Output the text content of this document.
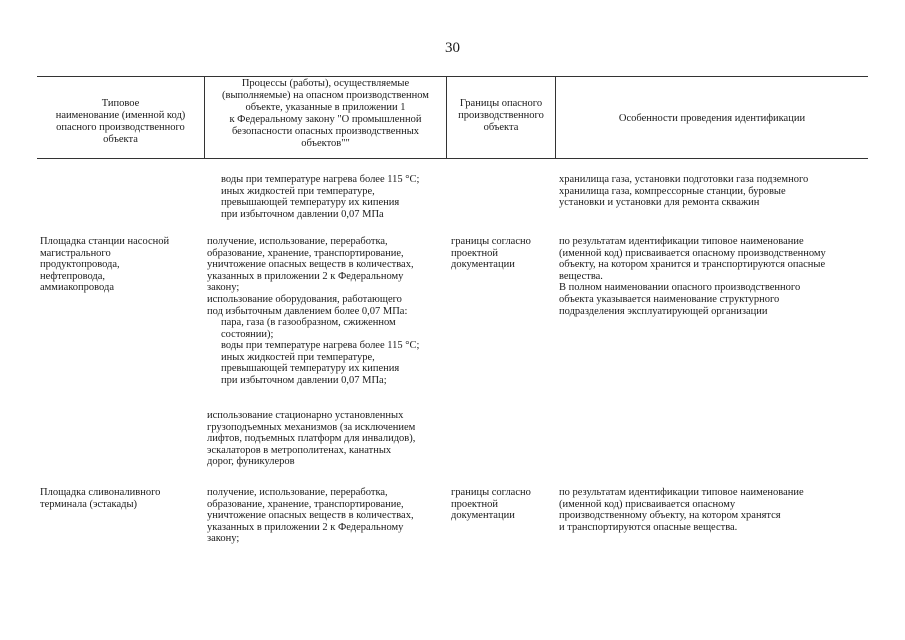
30
Типовое
наименование (именной код)
опасного производственного
объекта
Процессы (работы), осуществляемые
(выполняемые) на опасном производственном
объекте, указанные в приложении 1
к Федеральному закону "О промышленной
безопасности опасных производственных
объектов""
Границы опасного
производственного
объекта
Особенности проведения идентификации
воды при температуре нагрева более 115 °С;
иных жидкостей при температуре,
превышающей температуру их кипения
при избыточном давлении 0,07 МПа
хранилища газа, установки подготовки газа подземного
хранилища газа, компрессорные станции, буровые
установки и установки для ремонта скважин
Площадка станции насосной
магистрального
продуктопровода,
нефтепровода,
аммиакопровода
получение, использование, переработка,
образование, хранение, транспортирование,
уничтожение опасных веществ в количествах,
указанных в приложении 2 к Федеральному
закону;
использование оборудования, работающего
под избыточным давлением более 0,07 МПа:
пара, газа (в газообразном, сжиженном
состоянии);
воды при температуре нагрева более 115 °С;
иных жидкостей при температуре,
превышающей температуру их кипения
при избыточном давлении 0,07 МПа;
использование стационарно установленных
грузоподъемных механизмов (за исключением
лифтов, подъемных платформ для инвалидов),
эскалаторов в метрополитенах, канатных
дорог, фуникулеров
границы согласно
проектной
документации
по результатам идентификации типовое наименование
(именной код) присваивается опасному производственному
объекту, на котором хранится и транспортируются опасные
вещества.
В полном наименовании опасного производственного
объекта указывается наименование структурного
подразделения эксплуатирующей организации
Площадка сливоналивного
терминала (эстакады)
получение, использование, переработка,
образование, хранение, транспортирование,
уничтожение опасных веществ в количествах,
указанных в приложении 2 к Федеральному
закону;
границы согласно
проектной
документации
по результатам идентификации типовое наименование
(именной код) присваивается опасному
производственному объекту, на котором хранятся
и транспортируются опасные вещества.
